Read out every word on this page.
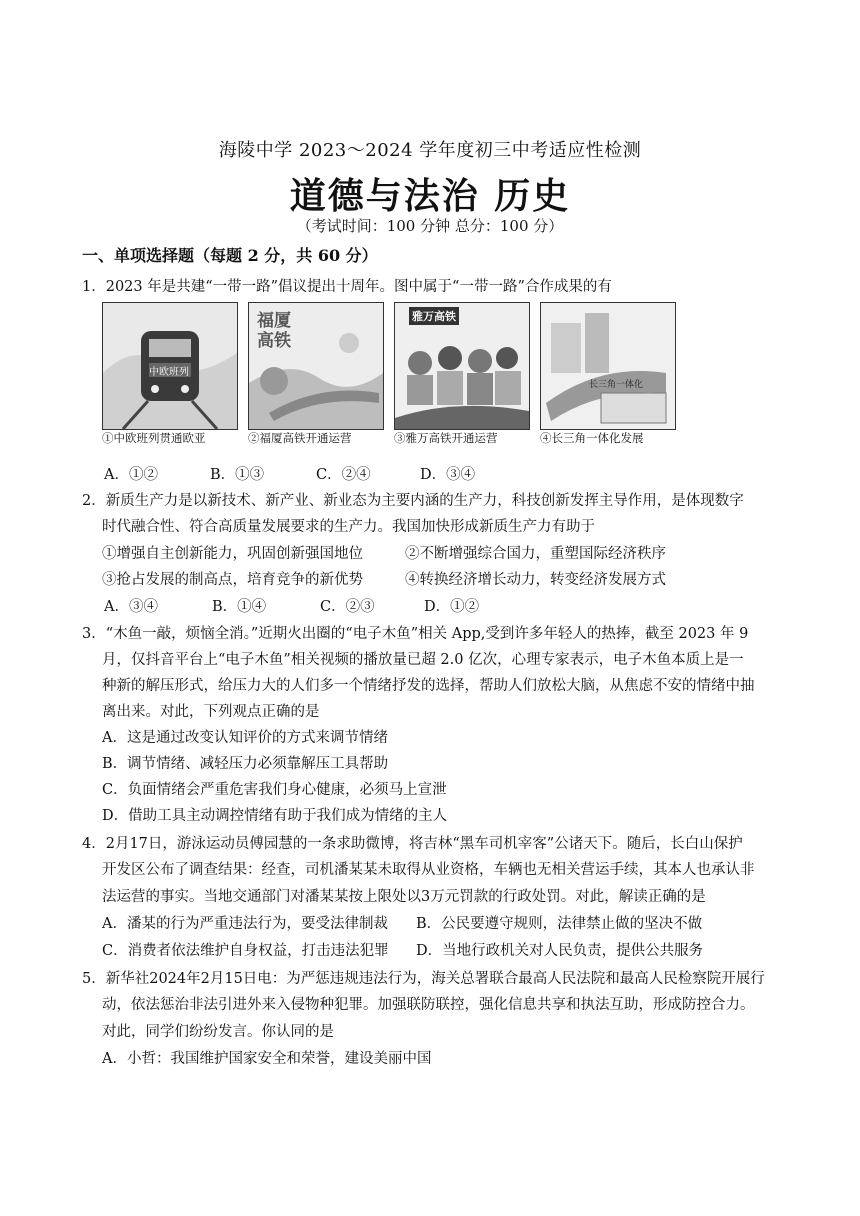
海陵中学 2023～2024 学年度初三中考适应性检测
道德与法治 历史
（考试时间：100 分钟 总分：100 分）
一、单项选择题（每题 2 分，共 60 分）
1．2023 年是共建“一带一路”倡议提出十周年。图中属于“一带一路”合作成果的有
中欧班列
①中欧班列贯通欧亚
福厦高铁
②福厦高铁开通运营
雅万高铁
③雅万高铁开通运营
长三角一体化
④长三角一体化发展
A．①②	B．①③	C．②④	D．③④
2．新质生产力是以新技术、新产业、新业态为主要内涵的生产力，科技创新发挥主导作用，是体现数字
时代融合性、符合高质量发展要求的生产力。我国加快形成新质生产力有助于
①增强自主创新能力，巩固创新强国地位	②不断增强综合国力，重塑国际经济秩序
③抢占发展的制高点，培育竞争的新优势	④转换经济增长动力，转变经济发展方式
A．③④	B．①④	C．②③	D．①②
3．“木鱼一敲，烦恼全消。”近期火出圈的“电子木鱼”相关 App,受到许多年轻人的热捧，截至 2023 年 9
月，仅抖音平台上“电子木鱼”相关视频的播放量已超 2.0 亿次，心理专家表示，电子木鱼本质上是一
种新的解压形式，给压力大的人们多一个情绪抒发的选择，帮助人们放松大脑，从焦虑不安的情绪中抽
离出来。对此，下列观点正确的是
A．这是通过改变认知评价的方式来调节情绪
B．调节情绪、减轻压力必须靠解压工具帮助
C．负面情绪会严重危害我们身心健康，必须马上宣泄
D．借助工具主动调控情绪有助于我们成为情绪的主人
4．2月17日，游泳运动员傅园慧的一条求助微博，将吉林“黑车司机宰客”公诸天下。随后，长白山保护
开发区公布了调查结果：经查，司机潘某某未取得从业资格，车辆也无相关营运手续，其本人也承认非
法运营的事实。当地交通部门对潘某某按上限处以3万元罚款的行政处罚。对此，解读正确的是
A．潘某的行为严重违法行为，要受法律制裁 B．公民要遵守规则，法律禁止做的坚决不做
C．消费者依法维护自身权益，打击违法犯罪 D．当地行政机关对人民负责，提供公共服务
5．新华社2024年2月15日电：为严惩违规违法行为，海关总署联合最高人民法院和最高人民检察院开展行
动，依法惩治非法引进外来入侵物种犯罪。加强联防联控，强化信息共享和执法互助，形成防控合力。
对此，同学们纷纷发言。你认同的是
A．小哲：我国维护国家安全和荣誉，建设美丽中国
